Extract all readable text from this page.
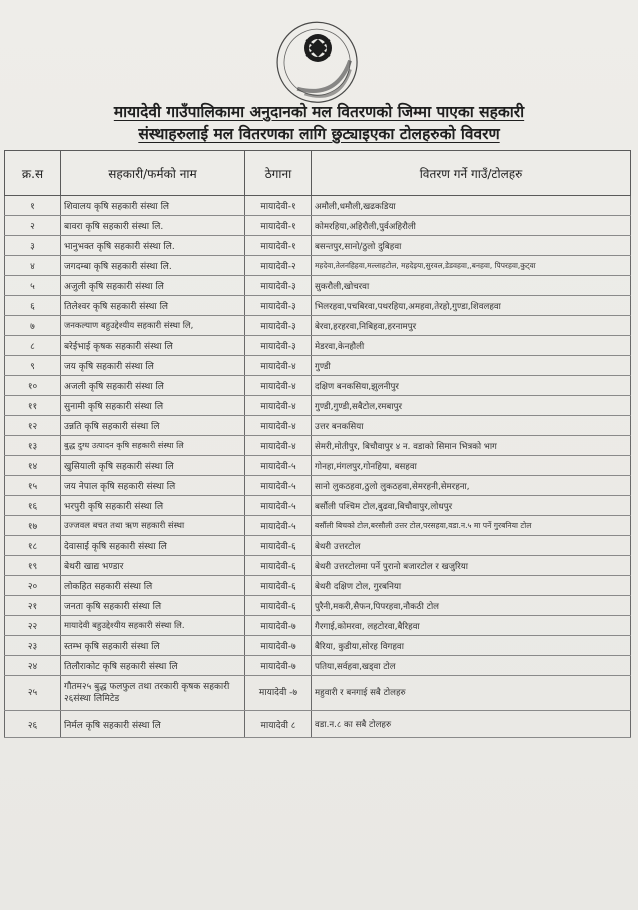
मायादेवी गाउँपालिकामा अनुदानको मल वितरणको जिम्मा पाएका सहकारी
संस्थाहरुलाई मल वितरणका लागि छुट्याइएका टोलहरुको विवरण
क्र.स	सहकारी/फर्मको नाम	ठेगाना	वितरण गर्ने गाउँ/टोलहरु
१	शिवालय कृषि सहकारी संस्था लि	मायादेवी-१	अमौली,धमौली,खढकडिया
२	बावरा कृषि सहकारी संस्था लि.	मायादेवी-१	कोमरहिया,अहिरौली,पुर्वअहिरौली
३	भानुभक्त कृषि सहकारी संस्था लि.	मायादेवी-१	बसन्तपुर,सानो/ठुलो दुबिहवा
४	जगदम्बा कृषि सहकारी संस्था लि.	मायादेवी-२	महदेवा,तेलनहिहवा,मल्लाहटोल, महदेइया,सुरवल,डेडवहवा,,बनहवा, पिपरहवा,कुट्वा
५	अजुली कृषि सहकारी संस्था लि	मायादेवी-३	सुकरौली,खोचरवा
६	तिलेश्वर कृषि सहकारी संस्था लि	मायादेवी-३	भिलरहवा,पचबिरवा,पथरहिया,अमहवा,तेरहो,गुण्डा,शिवलहवा
७	जनकल्याण बहुउद्देश्यीय सहकारी संस्था लि,	मायादेवी-३	बेरवा,हरहरवा,निबिहवा,हरनामपुर
८	बरेईभाई कृषक सहकारी संस्था लि	मायादेवी-३	मेडरवा,केनहौली
९	जय कृषि सहकारी संस्था लि	मायादेवी-४	गुण्डी
१०	अजली कृषि सहकारी संस्था लि	मायादेवी-४	दक्षिण बनकसिया,झुलनीपुर
११	सुनामी कृषि सहकारी संस्था लि	मायादेवी-४	गुण्डी,गुण्डी,सबैटोल,रमबापुर
१२	उन्नति कृषि सहकारी संस्था लि	मायादेवी-४	उत्तर बनकसिया
१३	बुद्ध दुग्ध उत्पादन कृषि सहकारी संस्था लि	मायादेवी-४	सेमरी,मोतीपुर, बिचौवापुर ४ न. वडाको सिमान भित्रको भाग
१४	खुसियाली कृषि सहकारी संस्था लि	मायादेवी-५	गोनहा,मंगलपुर,गोनहिया, बसहवा
१५	जय नेपाल कृषि सहकारी संस्था लि	मायादेवी-५	सानो लुकठहवा,ठुलो लुकठहवा,सेमरहनी,सेमरहना,
१६	भरपुरी कृषि सहकारी संस्था लि	मायादेवी-५	बर्सौली पश्चिम टोल,बुढवा,बिचौवापुर,लोधपुर
१७	उज्जवल बचत तथा ऋण सहकारी संस्था	मायादेवी-५	बर्सौली बिचको टोल,बरसौली उत्तर टोल,परसहवा,वडा.न.५ मा पर्ने गुरबनिया टोल
१८	देवासाई कृषि सहकारी संस्था लि	मायादेवी-६	बेथरी उत्तरटोल
१९	बेथरी खाद्य भण्डार	मायादेवी-६	बेथरी उत्तरटोलमा पर्ने पुरानो बजारटोल र खजुरिया
२०	लोकहित सहकारी संस्था लि	मायादेवी-६	बेथरी दक्षिण टोल, गुरबनिया
२१	जनता कृषि सहकारी संस्था लि	मायादेवी-६	पुरैनी,मकरी,सैफन,पिपरहवा,नौकठी टोल
२२	मायादेवी बहुउद्देश्यीय सहकारी संस्था लि.	मायादेवी-७	गैरगाई,कोमरवा, लहटोरवा,बैरिहवा
२३	स्तम्भ कृषि सहकारी संस्था लि	मायादेवी-७	बैरिया, कुडीया,सोरह विगहवा
२४	तिलौराकोट कृषि सहकारी संस्था लि	मायादेवी-७	पतिया,सर्वहवा,खड्वा टोल
२५	गौतम२५ बुद्ध फलफुल तथा तरकारी कृषक सहकारी २६संस्था लिमिटेड	मायादेवी -७	महुवारी र बनगाई सबै टोलहरु
२६	निर्मल कृषि सहकारी संस्था लि	मायादेवी ८	वडा.न.८ का सबै टोलहरु
